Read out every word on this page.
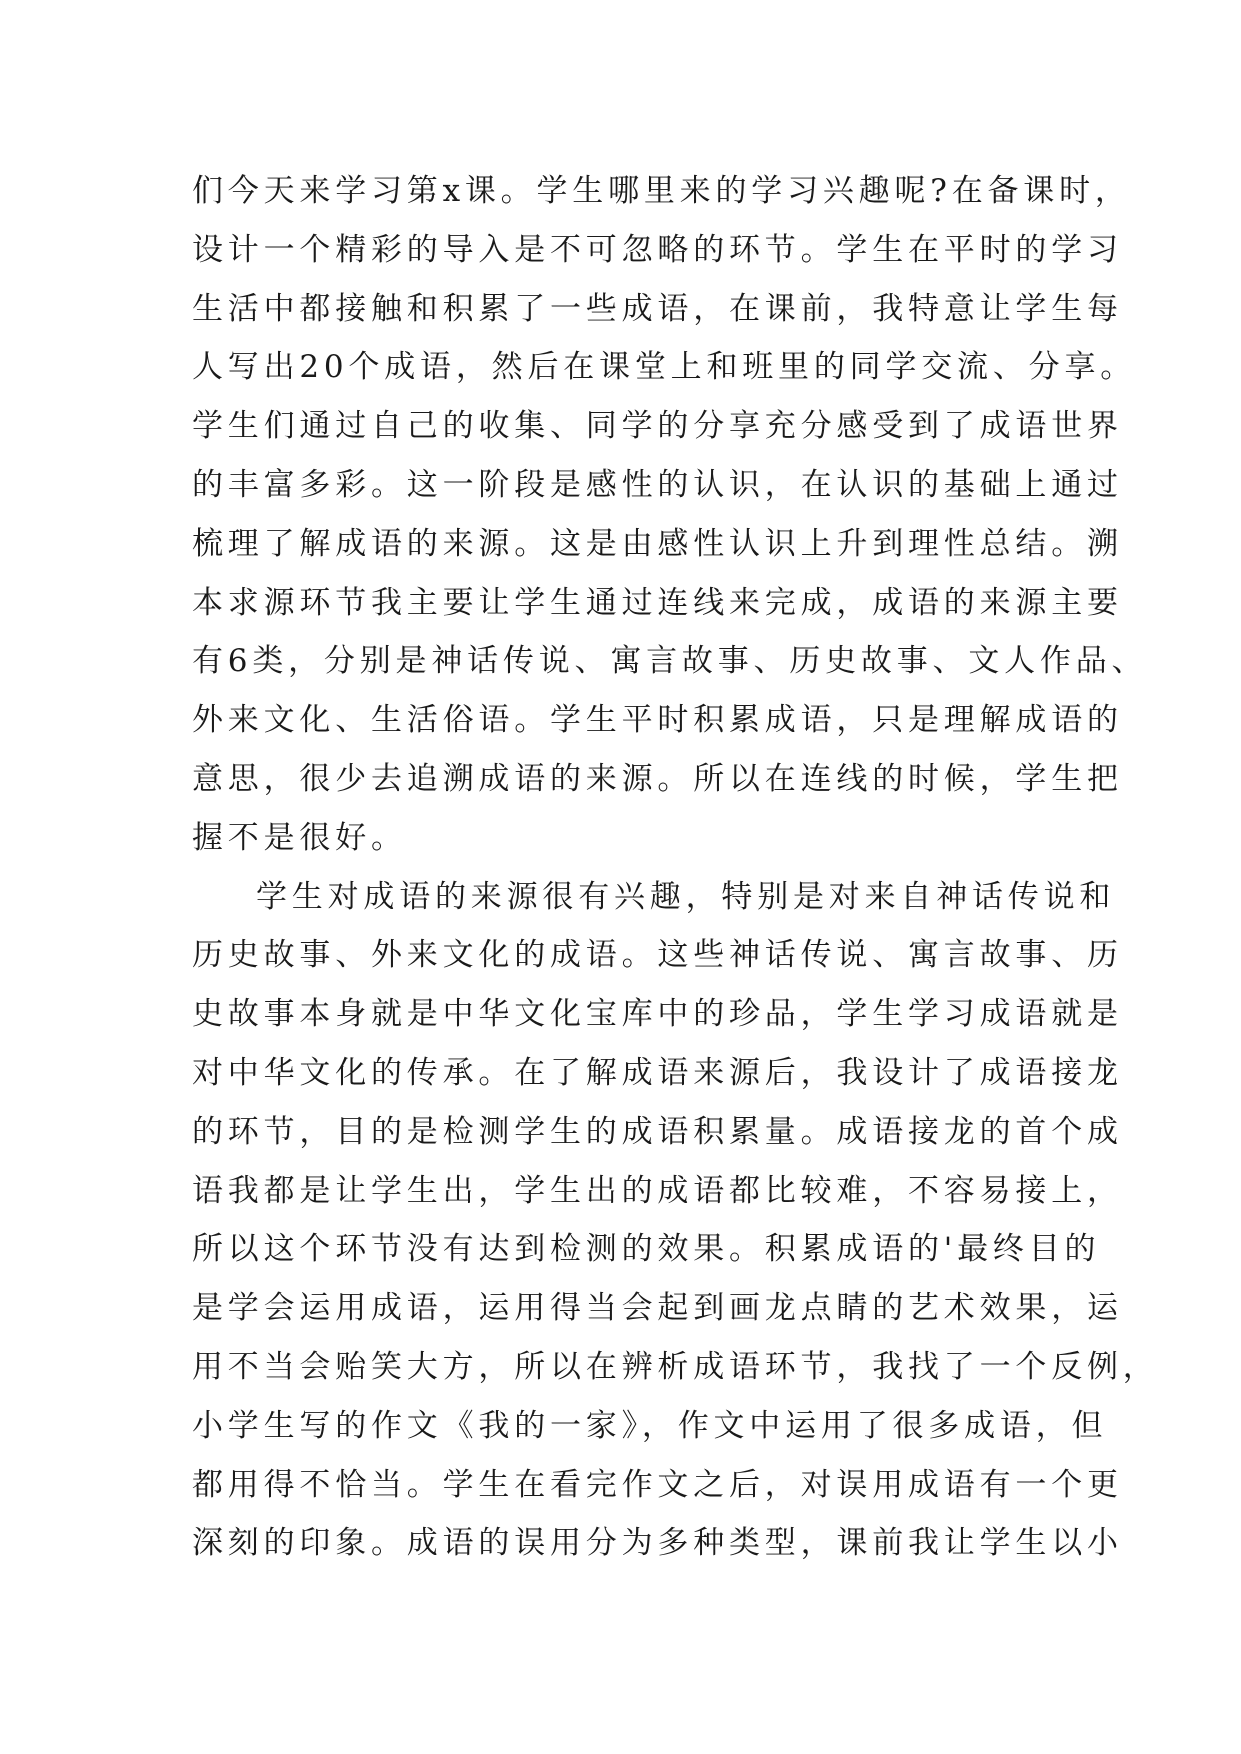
们今天来学习第x课。学生哪里来的学习兴趣呢?在备课时，
设计一个精彩的导入是不可忽略的环节。学生在平时的学习
生活中都接触和积累了一些成语，在课前，我特意让学生每
人写出20个成语，然后在课堂上和班里的同学交流、分享。
学生们通过自己的收集、同学的分享充分感受到了成语世界
的丰富多彩。这一阶段是感性的认识，在认识的基础上通过
梳理了解成语的来源。这是由感性认识上升到理性总结。溯
本求源环节我主要让学生通过连线来完成，成语的来源主要
有6类，分别是神话传说、寓言故事、历史故事、文人作品、
外来文化、生活俗语。学生平时积累成语，只是理解成语的
意思，很少去追溯成语的来源。所以在连线的时候，学生把
握不是很好。
学生对成语的来源很有兴趣，特别是对来自神话传说和
历史故事、外来文化的成语。这些神话传说、寓言故事、历
史故事本身就是中华文化宝库中的珍品，学生学习成语就是
对中华文化的传承。在了解成语来源后，我设计了成语接龙
的环节，目的是检测学生的成语积累量。成语接龙的首个成
语我都是让学生出，学生出的成语都比较难，不容易接上，
所以这个环节没有达到检测的效果。积累成语的'最终目的
是学会运用成语，运用得当会起到画龙点睛的艺术效果，运
用不当会贻笑大方，所以在辨析成语环节，我找了一个反例，
小学生写的作文《我的一家》，作文中运用了很多成语，但
都用得不恰当。学生在看完作文之后，对误用成语有一个更
深刻的印象。成语的误用分为多种类型，课前我让学生以小
